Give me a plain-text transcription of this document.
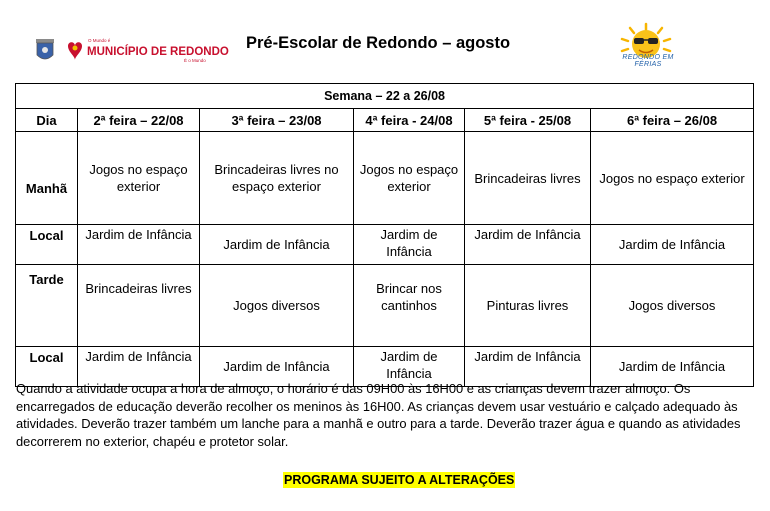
O Mundo é
MUNICÍPIO DE REDONDO
É o Mundo
Pré-Escolar de Redondo – agosto
REDONDO EM FÉRIAS
Semana – 22 a 26/08					
Dia	2ª feira – 22/08	3ª feira – 23/08	4ª feira - 24/08	5ª feira - 25/08	6ª feira – 26/08
Manhã	Jogos no espaço exterior	Brincadeiras livres no espaço exterior	Jogos no espaço exterior	Brincadeiras livres	Jogos no espaço exterior
Local	Jardim de Infância	Jardim de Infância	Jardim de Infância	Jardim de Infância	Jardim de Infância
Tarde	Brincadeiras livres	Jogos diversos	Brincar nos cantinhos	Pinturas livres	Jogos diversos
Local	Jardim de Infância	Jardim de Infância	Jardim de Infância	Jardim de Infância	Jardim de Infância
Quando a atividade ocupa a hora de almoço, o horário é das 09H00 às 16H00 e as crianças devem trazer almoço. Os encarregados de educação deverão recolher os meninos às 16H00. As crianças devem usar vestuário e calçado adequado às atividades. Deverão trazer também um lanche para a manhã e outro para a tarde. Deverão trazer água e quando as atividades decorrerem no exterior, chapéu e protetor solar.
PROGRAMA SUJEITO A ALTERAÇÕES
